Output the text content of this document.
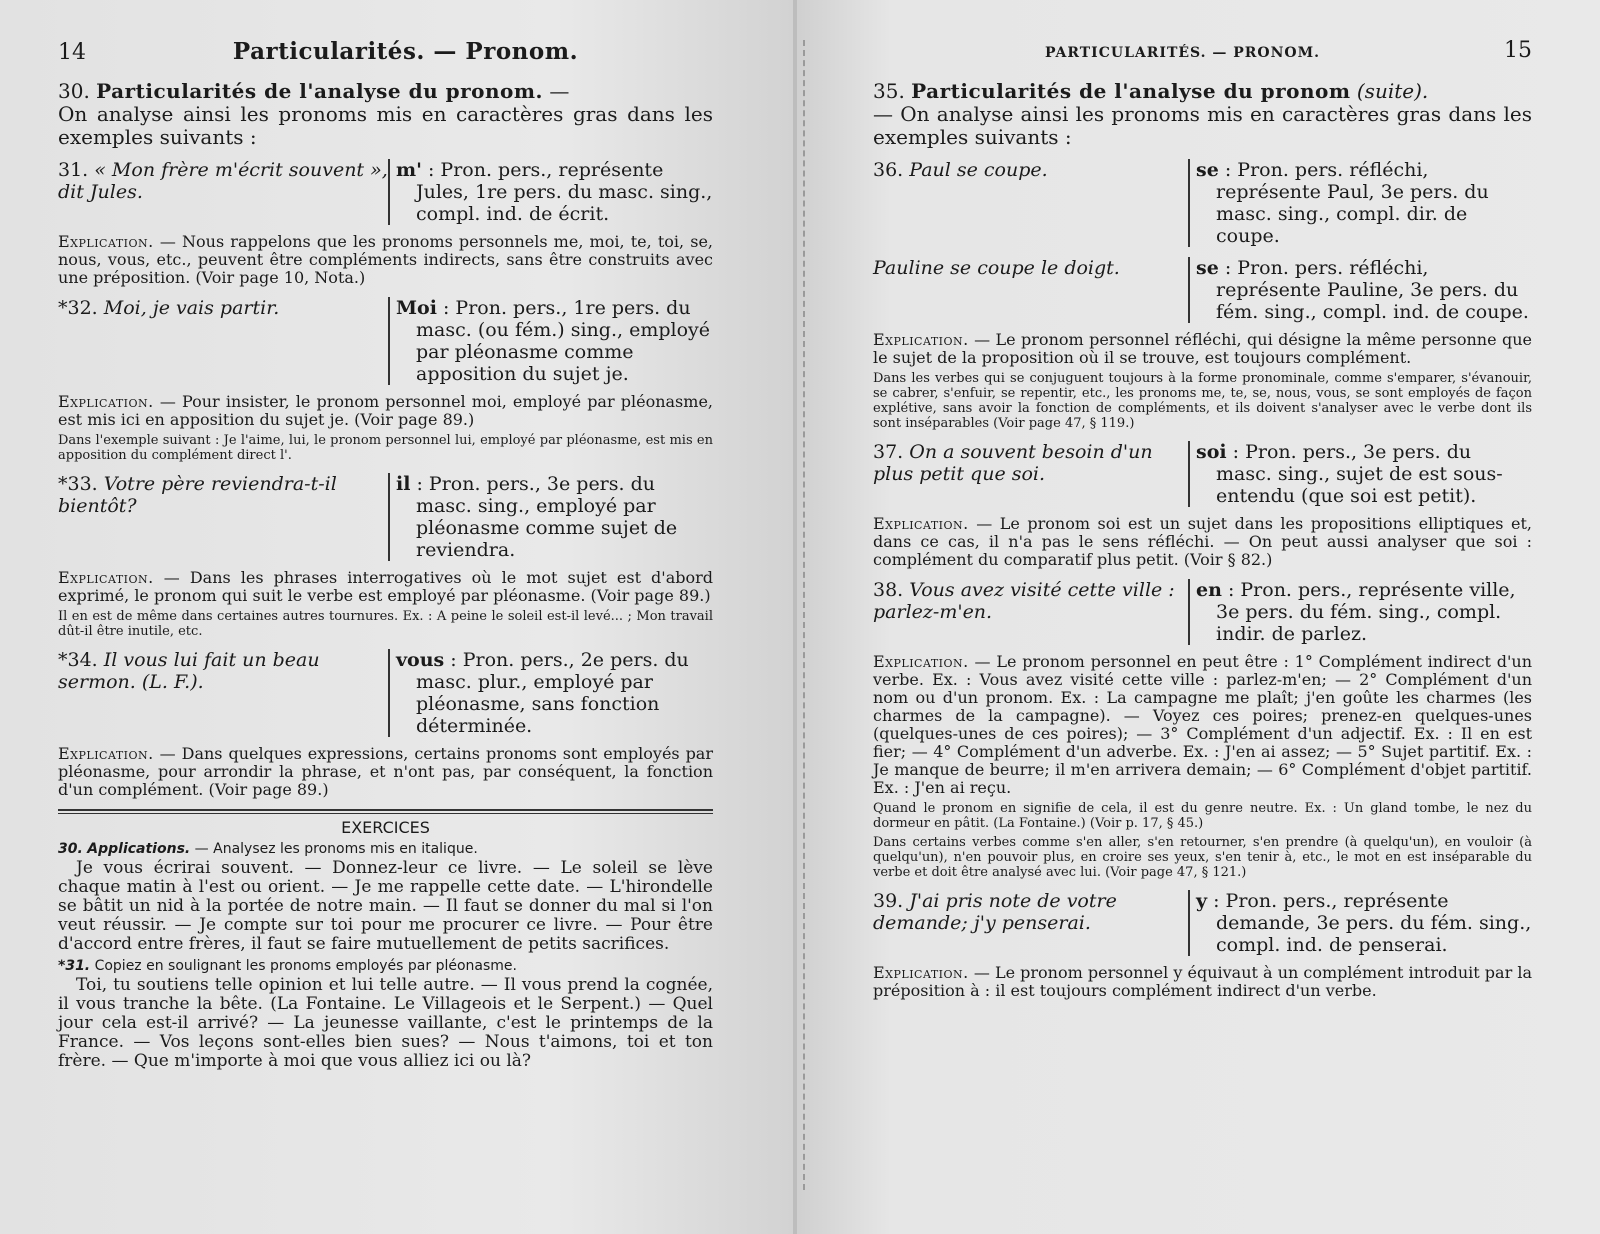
14	Particularités. — Pronom.

30. Particularités de l'analyse du pronom. —

On analyse ainsi les pronoms mis en caractères gras dans les exemples suivants :

31. « Mon frère m'écrit souvent », dit Jules.
m' : Pron. pers., représente Jules, 1re pers. du masc. sing., compl. ind. de écrit.

Explication. — Nous rappelons que les pronoms personnels me, moi, te, toi, se, nous, vous, etc., peuvent être compléments indirects, sans être construits avec une préposition. (Voir page 10, Nota.)

*32. Moi, je vais partir.	Moi : Pron. pers., 1re pers. du masc. (ou fém.) sing., employé par pléonasme comme apposition du sujet je.

Explication. — Pour insister, le pronom personnel moi, employé par pléonasme, est mis ici en apposition du sujet je. (Voir page 89.)

Dans l'exemple suivant : Je l'aime, lui, le pronom personnel lui, employé par pléonasme, est mis en apposition du complément direct l'.

*33. Votre père reviendra-t-il bientôt?
il : Pron. pers., 3e pers. du masc. sing., employé par pléonasme comme sujet de reviendra.

Explication. — Dans les phrases interrogatives où le mot sujet est d'abord exprimé, le pronom qui suit le verbe est employé par pléonasme. (Voir page 89.)

Il en est de même dans certaines autres tournures. Ex. : A peine le soleil est-il levé... ; Mon travail dût-il être inutile, etc.

*34. Il vous lui fait un beau sermon. (L. F.).
vous : Pron. pers., 2e pers. du masc. plur., employé par pléonasme, sans fonction déterminée.

Explication. — Dans quelques expressions, certains pronoms sont employés par pléonasme, pour arrondir la phrase, et n'ont pas, par conséquent, la fonction d'un complément. (Voir page 89.)

EXERCICES

30. Applications. — Analysez les pronoms mis en italique.

Je vous écrirai souvent. — Donnez-leur ce livre. — Le soleil se lève chaque matin à l'est ou orient. — Je me rappelle cette date. — L'hirondelle se bâtit un nid à la portée de notre main. — Il faut se donner du mal si l'on veut réussir. — Je compte sur toi pour me procurer ce livre. — Pour être d'accord entre frères, il faut se faire mutuellement de petits sacrifices.

*31. Copiez en soulignant les pronoms employés par pléonasme.

Toi, tu soutiens telle opinion et lui telle autre. — Il vous prend la cognée, il vous tranche la bête. (La Fontaine. Le Villageois et le Serpent.) — Quel jour cela est-il arrivé? — La jeunesse vaillante, c'est le printemps de la France. — Vos leçons sont-elles bien sues? — Nous t'aimons, toi et ton frère. — Que m'importe à moi que vous alliez ici ou là?

PARTICULARITÉS. — PRONOM.	15

35. Particularités de l'analyse du pronom (suite).

— On analyse ainsi les pronoms mis en caractères gras dans les exemples suivants :

36. Paul se coupe.	se : Pron. pers. réfléchi, représente Paul, 3e pers. du masc. sing., compl. dir. de coupe.
Pauline se coupe le doigt.	se : Pron. pers. réfléchi, représente Pauline, 3e pers. du fém. sing., compl. ind. de coupe.

Explication. — Le pronom personnel réfléchi, qui désigne la même personne que le sujet de la proposition où il se trouve, est toujours complément.

Dans les verbes qui se conjuguent toujours à la forme pronominale, comme s'emparer, s'évanouir, se cabrer, s'enfuir, se repentir, etc., les pronoms me, te, se, nous, vous, se sont employés de façon explétive, sans avoir la fonction de compléments, et ils doivent s'analyser avec le verbe dont ils sont inséparables (Voir page 47, § 119.)

37. On a souvent besoin d'un plus petit que soi.
soi : Pron. pers., 3e pers. du masc. sing., sujet de est sous-entendu (que soi est petit).

Explication. — Le pronom soi est un sujet dans les propositions elliptiques et, dans ce cas, il n'a pas le sens réfléchi. — On peut aussi analyser que soi : complément du comparatif plus petit. (Voir § 82.)

38. Vous avez visité cette ville : parlez-m'en.
en : Pron. pers., représente ville, 3e pers. du fém. sing., compl. indir. de parlez.

Explication. — Le pronom personnel en peut être : 1° Complément indirect d'un verbe. Ex. : Vous avez visité cette ville : parlez-m'en; — 2° Complément d'un nom ou d'un pronom. Ex. : La campagne me plaît; j'en goûte les charmes (les charmes de la campagne). — Voyez ces poires; prenez-en quelques-unes (quelques-unes de ces poires); — 3° Complément d'un adjectif. Ex. : Il en est fier; — 4° Complément d'un adverbe. Ex. : J'en ai assez; — 5° Sujet partitif. Ex. : Je manque de beurre; il m'en arrivera demain; — 6° Complément d'objet partitif. Ex. : J'en ai reçu.

Quand le pronom en signifie de cela, il est du genre neutre. Ex. : Un gland tombe, le nez du dormeur en pâtit. (La Fontaine.) (Voir p. 17, § 45.)

Dans certains verbes comme s'en aller, s'en retourner, s'en prendre (à quelqu'un), en vouloir (à quelqu'un), n'en pouvoir plus, en croire ses yeux, s'en tenir à, etc., le mot en est inséparable du verbe et doit être analysé avec lui. (Voir page 47, § 121.)

39. J'ai pris note de votre demande; j'y penserai.
y : Pron. pers., représente demande, 3e pers. du fém. sing., compl. ind. de penserai.

Explication. — Le pronom personnel y équivaut à un complément introduit par la préposition à : il est toujours complément indirect d'un verbe.
